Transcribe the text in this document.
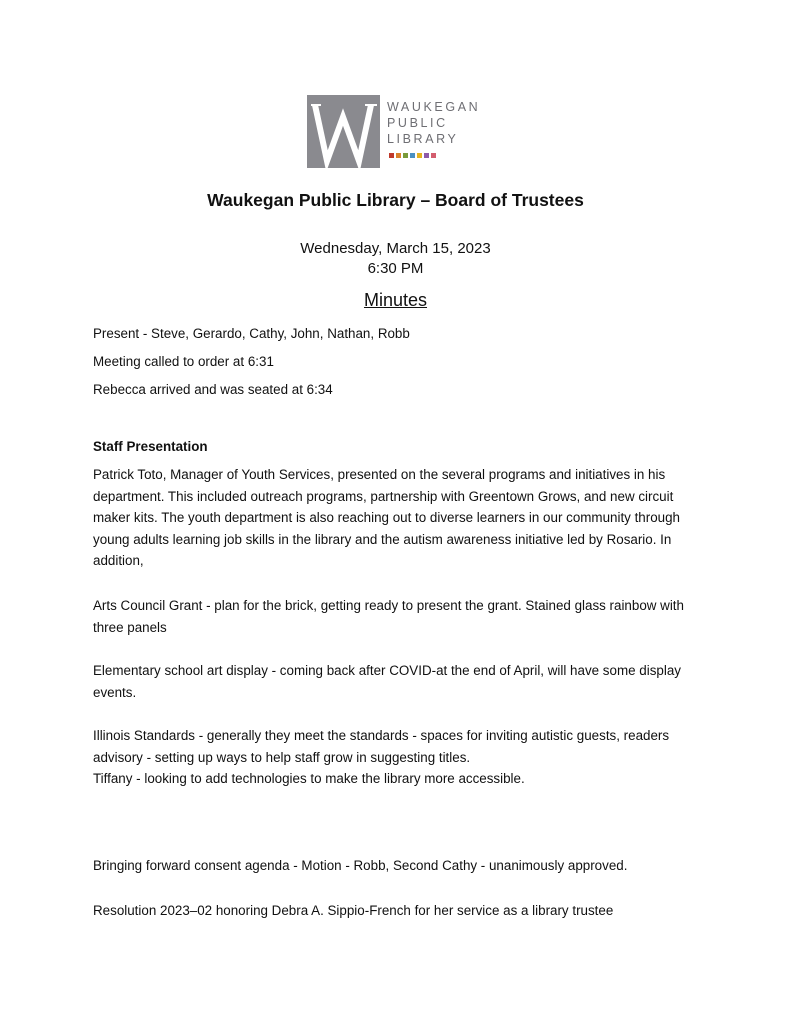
WAUKEGAN
PUBLIC
LIBRARY
Waukegan Public Library – Board of Trustees
Wednesday, March 15, 2023
6:30 PM
Minutes
Present - Steve, Gerardo, Cathy, John, Nathan, Robb
Meeting called to order at 6:31
Rebecca arrived and was seated at 6:34
Staff Presentation
Patrick Toto, Manager of Youth Services, presented on the several programs and initiatives in his department. This included outreach programs, partnership with Greentown Grows, and new circuit maker kits. The youth department is also reaching out to diverse learners in our community through young adults learning job skills in the library and the autism awareness initiative led by Rosario. In addition,
Arts Council Grant - plan for the brick, getting ready to present the grant. Stained glass rainbow with three panels
Elementary school art display - coming back after COVID-at the end of April, will have some display events.
Illinois Standards - generally they meet the standards - spaces for inviting autistic guests, readers advisory - setting up ways to help staff grow in suggesting titles.
Tiffany - looking to add technologies to make the library more accessible.
Bringing forward consent agenda - Motion - Robb, Second Cathy - unanimously approved.
Resolution 2023–02 honoring Debra A. Sippio-French for her service as a library trustee
